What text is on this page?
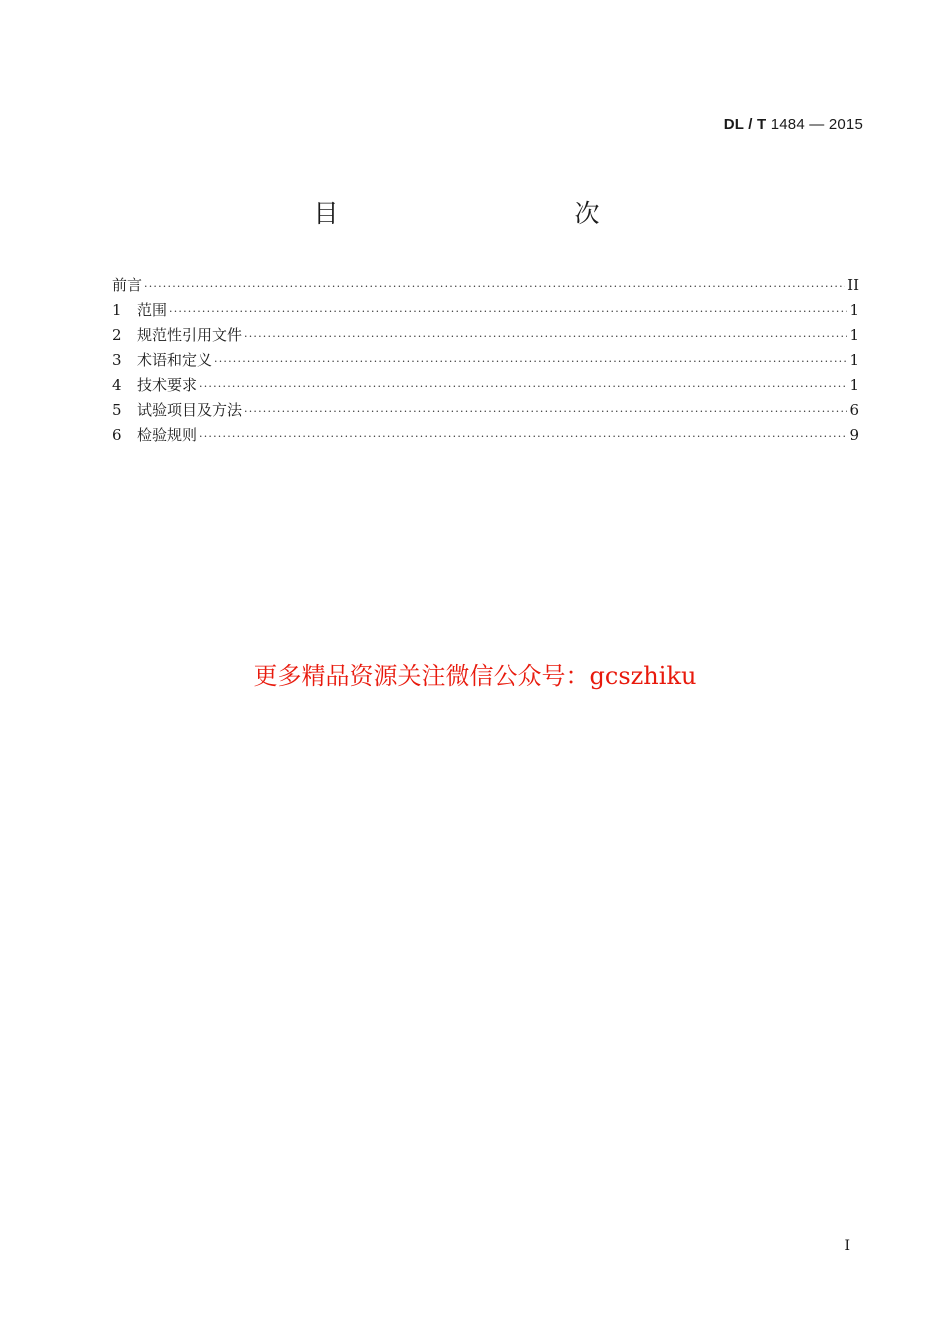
DL / T 1484 — 2015
目　　次
前言 ·····	II
1	范围 ·····	1
2	规范性引用文件 ·····	1
3	术语和定义 ·····	1
4	技术要求 ·····	1
5	试验项目及方法 ·····	6
6	检验规则 ·····	9
更多精品资源关注微信公众号：gcszhiku
I
